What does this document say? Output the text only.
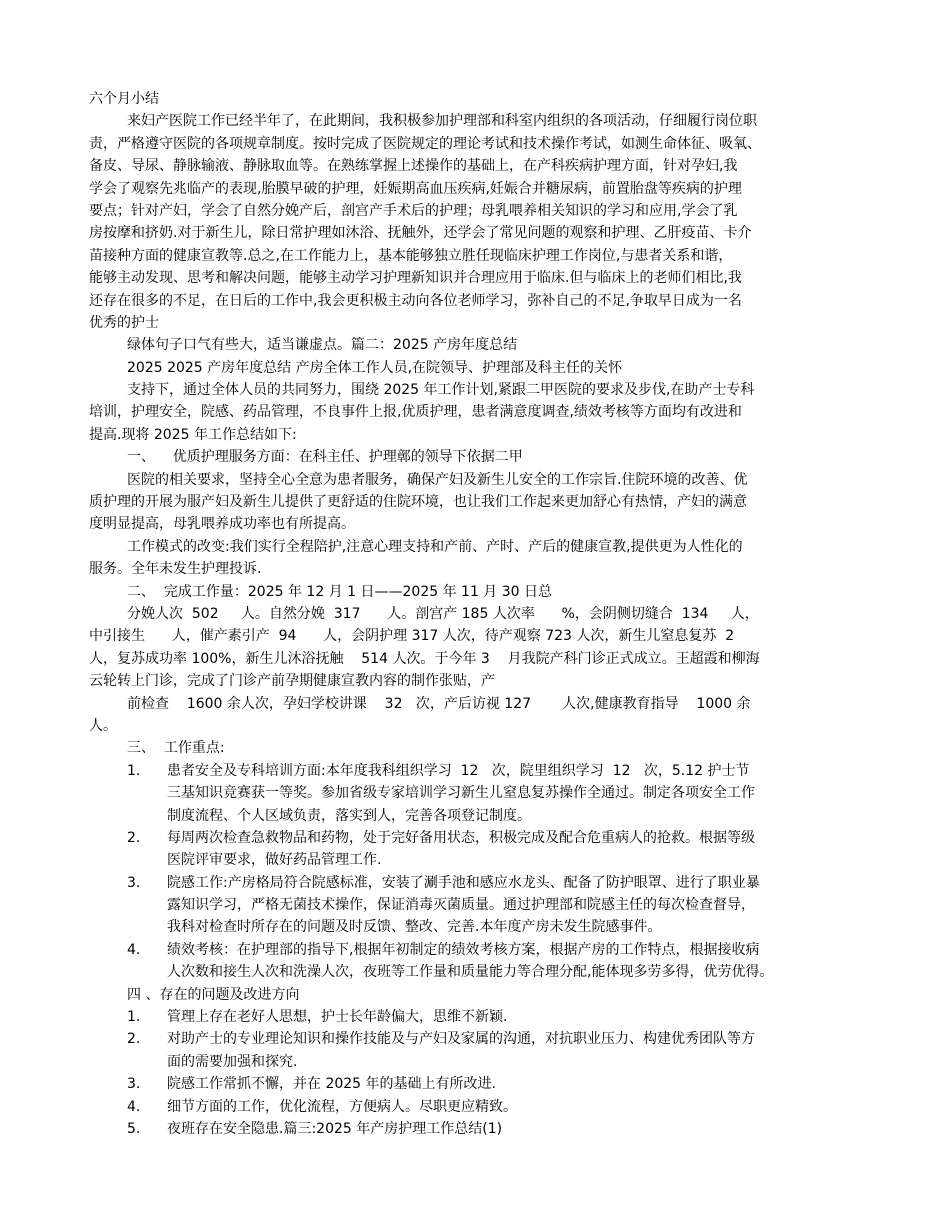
六个月小结
来妇产医院工作已经半年了，在此期间，我积极参加护理部和科室内组织的各项活动，仔细履行岗位职
责，严格遵守医院的各项规章制度。按时完成了医院规定的理论考试和技术操作考试，如测生命体征、吸氧、
备皮、导尿、静脉输液、静脉取血等。在熟练掌握上述操作的基础上，在产科疾病护理方面，针对孕妇,我
学会了观察先兆临产的表现,胎膜早破的护理，妊娠期高血压疾病,妊娠合并糖尿病，前置胎盘等疾病的护理
要点；针对产妇，学会了自然分娩产后，剖宫产手术后的护理；母乳喂养相关知识的学习和应用,学会了乳
房按摩和挤奶.对于新生儿，除日常护理如沐浴、抚触外，还学会了常见问题的观察和护理、乙肝疫苗、卡介
苗接种方面的健康宣教等.总之,在工作能力上，基本能够独立胜任现临床护理工作岗位,与患者关系和谐，
能够主动发现、思考和解决问题，能够主动学习护理新知识并合理应用于临床.但与临床上的老师们相比,我
还存在很多的不足，在日后的工作中,我会更积极主动向各位老师学习，弥补自己的不足,争取早日成为一名
优秀的护士
绿体句子口气有些大，适当谦虚点。篇二：2025 产房年度总结
2025 2025 产房年度总结 产房全体工作人员,在院领导、护理部及科主任的关怀
支持下，通过全体人员的共同努力，围绕 2025 年工作计划,紧跟二甲医院的要求及步伐,在助产士专科
培训，护理安全，院感、药品管理，不良事件上报,优质护理，患者满意度调查,绩效考核等方面均有改进和
提高.现将 2025 年工作总结如下:
一、    优质护理服务方面：在科主任、护理鄣的领导下依据二甲
医院的相关要求，坚持全心全意为患者服务，确保产妇及新生儿安全的工作宗旨.住院环境的改善、优
质护理的开展为服产妇及新生儿提供了更舒适的住院环境，也让我们工作起来更加舒心有热情，产妇的满意
度明显提高，母乳喂养成功率也有所提高。
工作模式的改变:我们实行全程陪护,注意心理支持和产前、产时、产后的健康宣教,提供更为人性化的
服务。全年未发生护理投诉.
二、  完成工作量：2025 年 12 月 1 日——2025 年 11 月 30 日总
分娩人次  502     人。自然分娩  317      人。剖宫产 185 人次率      %，会阴侧切缝合  134     人，
中引接生      人，催产素引产  94      人，会阴护理 317 人次，待产观察 723 人次，新生儿窒息复苏  2
人，复苏成功率 100%，新生儿沐浴抚触    514 人次。于今年 3    月我院产科门诊正式成立。王超霞和柳海
云轮转上门诊，完成了门诊产前孕期健康宣教内容的制作张贴，产
前检查    1600 余人次，孕妇学校讲课    32   次，产后访视 127       人次,健康教育指导    1000 余
人。
三、  工作重点:
1. 患者安全及专科培训方面:本年度我科组织学习  12   次，院里组织学习  12   次，5.12 护士节
三基知识竞赛获一等奖。参加省级专家培训学习新生儿窒息复苏操作全通过。制定各项安全工作
制度流程、个人区域负责，落实到人，完善各项登记制度。
2. 每周两次检查急救物品和药物，处于完好备用状态，积极完成及配合危重病人的抢救。根据等级
医院评审要求，做好药品管理工作.
3. 院感工作:产房格局符合院感标准，安装了涮手池和感应水龙头、配备了防护眼罩、进行了职业暴
露知识学习，严格无菌技术操作，保证消毒灭菌质量。通过护理部和院感主任的每次检查督导，
我科对检查时所存在的问题及时反馈、整改、完善.本年度产房未发生院感事件。
4. 绩效考核：在护理部的指导下,根据年初制定的绩效考核方案，根据产房的工作特点，根据接收病
人次数和接生人次和洗澡人次，夜班等工作量和质量能力等合理分配,能体现多劳多得，优劳优得。
四 、存在的问题及改进方向
1. 管理上存在老好人思想，护士长年龄偏大，思维不新颖.
2. 对助产士的专业理论知识和操作技能及与产妇及家属的沟通，对抗职业压力、构建优秀团队等方
面的需要加强和探究.
3. 院感工作常抓不懈，并在 2025 年的基础上有所改进.
4. 细节方面的工作，优化流程，方便病人。尽职更应精致。
5. 夜班存在安全隐患.篇三:2025 年产房护理工作总结(1)
